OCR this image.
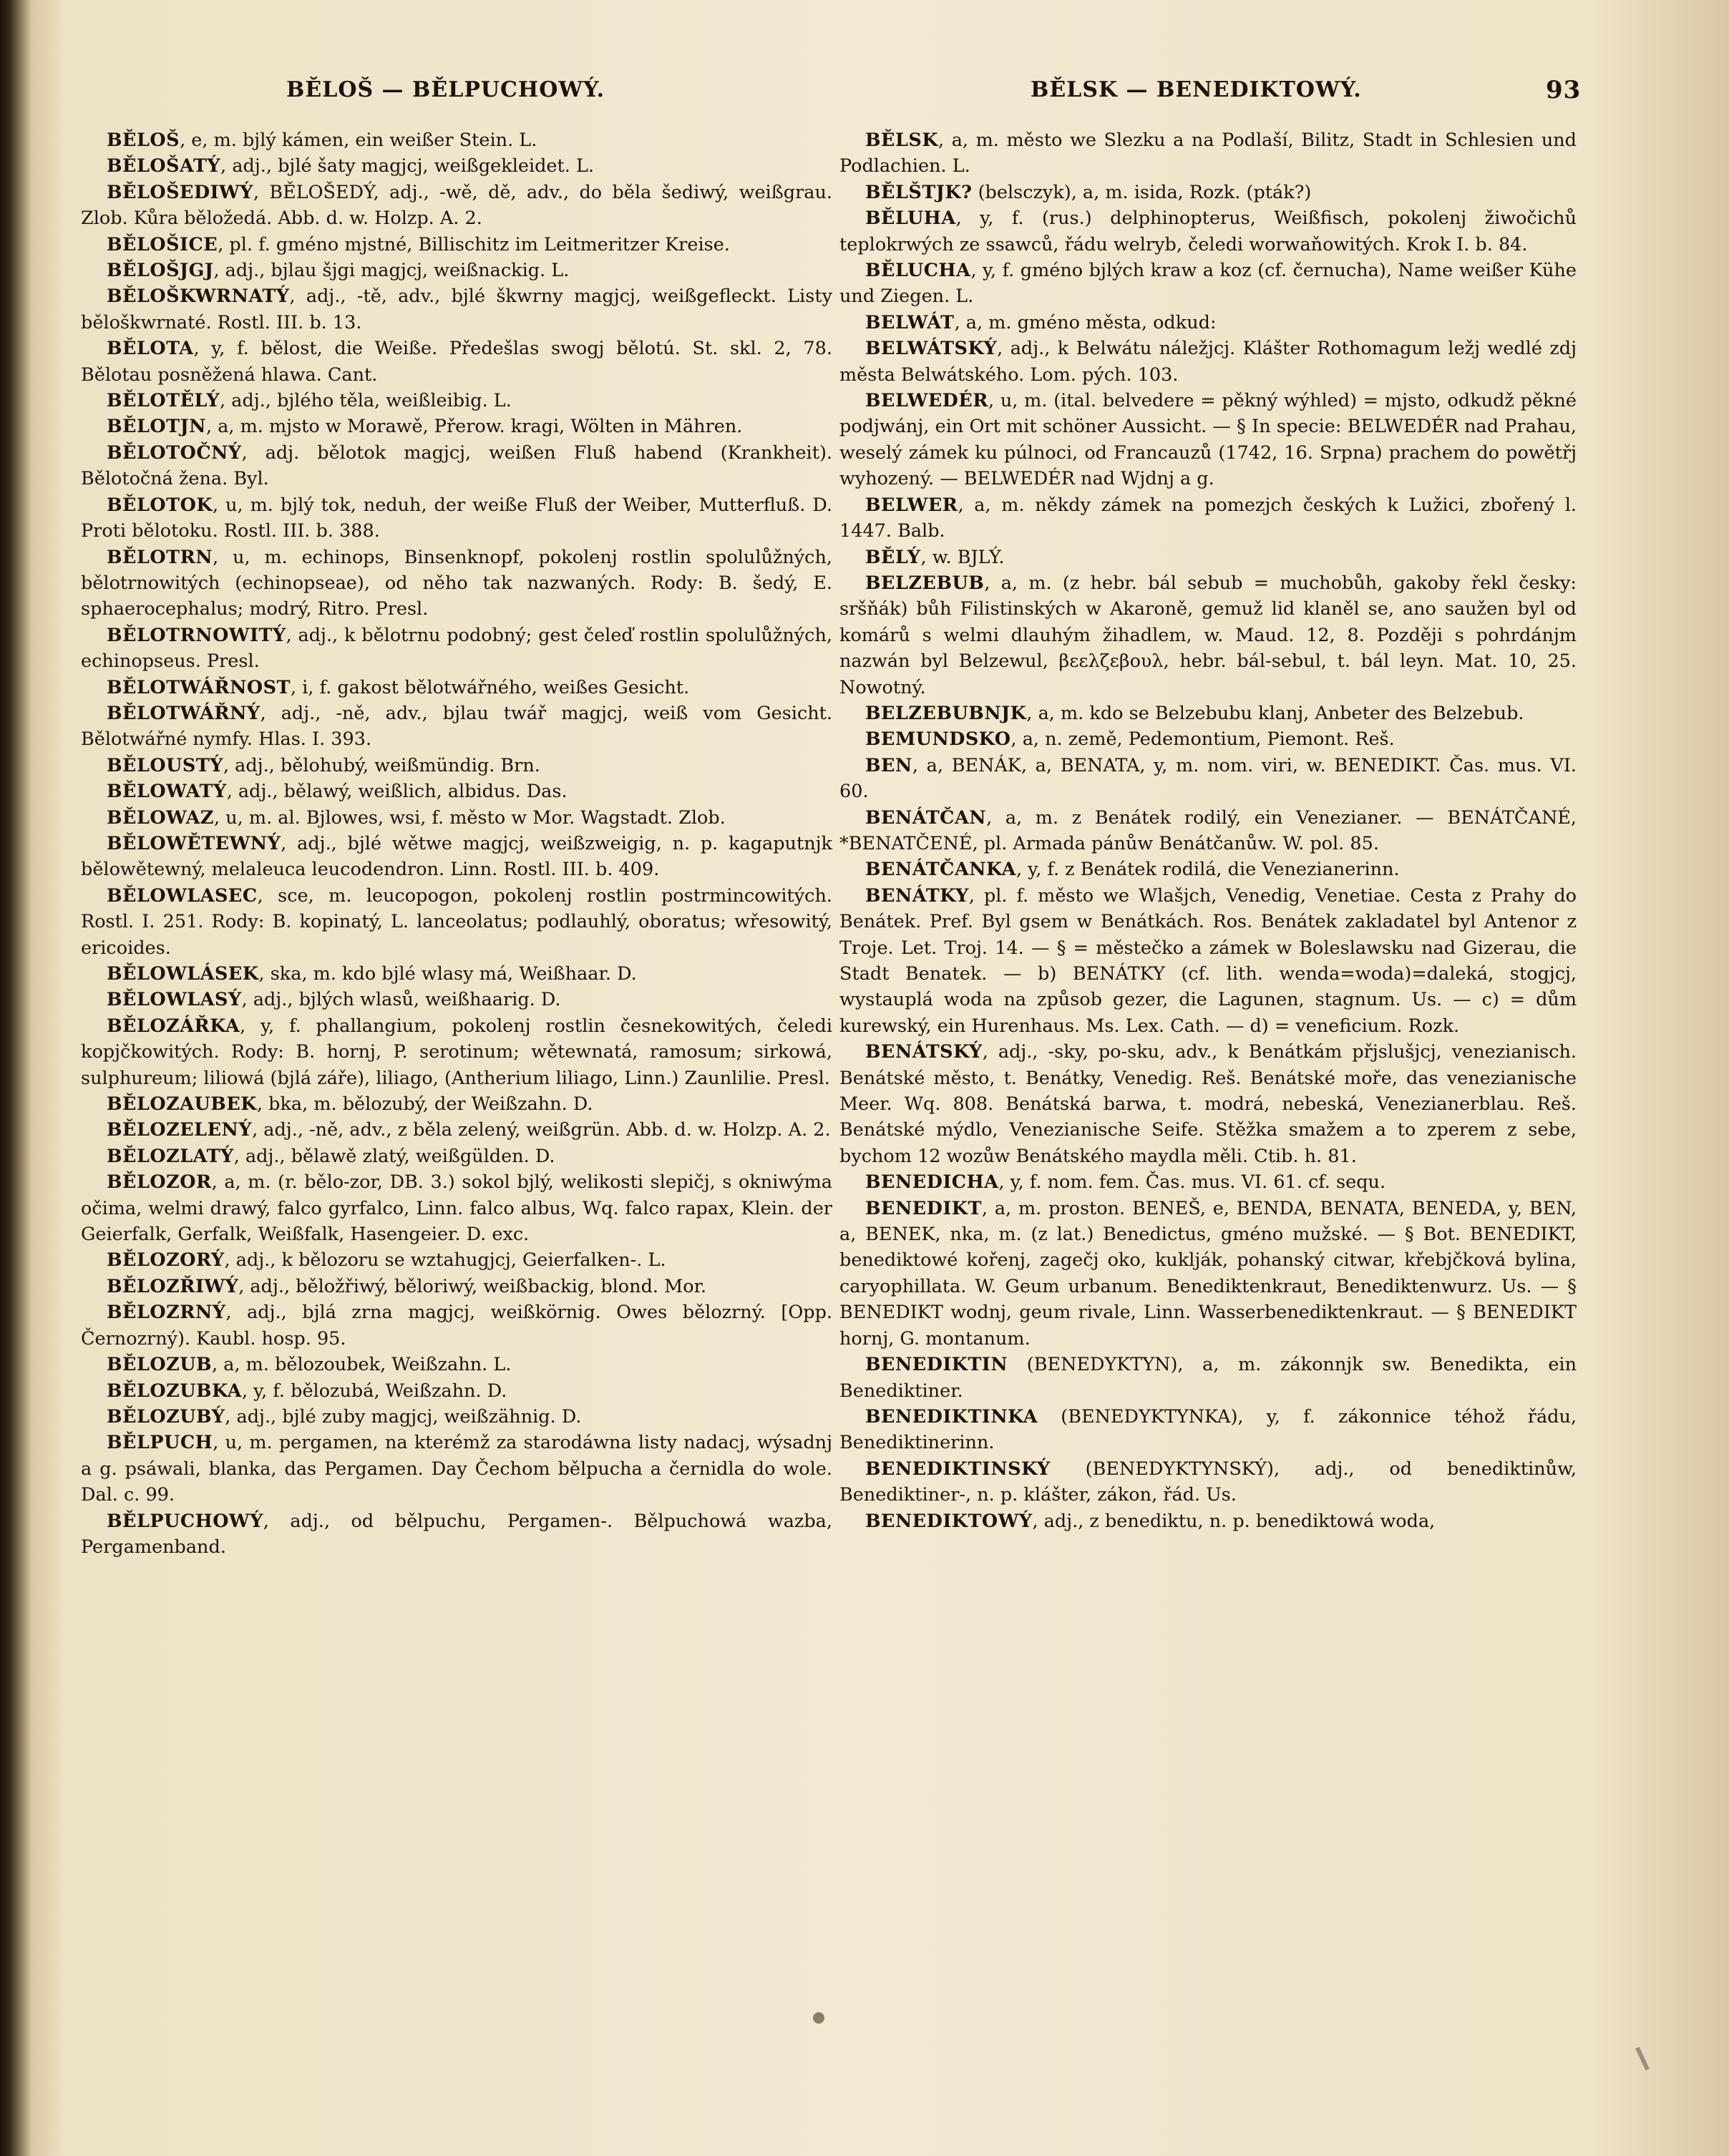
BĚLOŠ — BĚLPUCHOWÝ.	BĚLSK — BENEDIKTOWÝ.	93

BĚLOŠ, e, m. bjlý kámen, ein weißer Stein. L.

BĚLOŠATÝ, adj., bjlé šaty magjcj, weißgekleidet. L.

BĚLOŠEDIWÝ, BĚLOŠEDÝ, adj., -wě, dě, adv., do běla šediwý, weißgrau. Zlob. Kůra běložedá. Abb. d. w. Holzp. A. 2.

BĚLOŠICE, pl. f. gméno mjstné, Billischitz im Leitmeritzer Kreise.

BĚLOŠJGJ, adj., bjlau šjgi magjcj, weißnackig. L.

BĚLOŠKWRNATÝ, adj., -tě, adv., bjlé škwrny magjcj, weißgefleckt. Listy běloškwrnaté. Rostl. III. b. 13.

BĚLOTA, y, f. bělost, die Weiße. Předešlas swogj bělotú. St. skl. 2, 78. Bělotau posněžená hlawa. Cant.

BĚLOTĚLÝ, adj., bjlého těla, weißleibig. L.

BĚLOTJN, a, m. mjsto w Morawě, Přerow. kragi, Wölten in Mähren.

BĚLOTOČNÝ, adj. bělotok magjcj, weißen Fluß habend (Krankheit). Bělotočná žena. Byl.

BĚLOTOK, u, m. bjlý tok, neduh, der weiße Fluß der Weiber, Mutterfluß. D. Proti bělotoku. Rostl. III. b. 388.

BĚLOTRN, u, m. echinops, Binsenknopf, pokolenj rostlin spolulůžných, bělotrnowitých (echinopseae), od něho tak nazwaných. Rody: B. šedý, E. sphaerocephalus; modrý, Ritro. Presl.

BĚLOTRNOWITÝ, adj., k bělotrnu podobný; gest čeleď rostlin spolulůžných, echinopseus. Presl.

BĚLOTWÁŘNOST, i, f. gakost bělotwářného, weißes Gesicht.

BĚLOTWÁŘNÝ, adj., -ně, adv., bjlau twář magjcj, weiß vom Gesicht. Bělotwářné nymfy. Hlas. I. 393.

BĚLOUSTÝ, adj., bělohubý, weißmündig. Brn.

BĚLOWATÝ, adj., bělawý, weißlich, albidus. Das.

BĚLOWAZ, u, m. al. Bjlowes, wsi, f. město w Mor. Wagstadt. Zlob.

BĚLOWĚTEWNÝ, adj., bjlé wětwe magjcj, weißzweigig, n. p. kagaputnjk bělowětewný, melaleuca leucodendron. Linn. Rostl. III. b. 409.

BĚLOWLASEC, sce, m. leucopogon, pokolenj rostlin postrmincowitých. Rostl. I. 251. Rody: B. kopinatý, L. lanceolatus; podlauhlý, oboratus; wřesowitý, ericoides.

BĚLOWLÁSEK, ska, m. kdo bjlé wlasy má, Weißhaar. D.

BĚLOWLASÝ, adj., bjlých wlasů, weißhaarig. D.

BĚLOZÁŘKA, y, f. phallangium, pokolenj rostlin česnekowitých, čeledi kopjčkowitých. Rody: B. hornj, P. serotinum; wětewnatá, ramosum; sirkowá, sulphureum; liliowá (bjlá záře), liliago, (Antherium liliago, Linn.) Zaunlilie. Presl.

BĚLOZAUBEK, bka, m. bělozubý, der Weißzahn. D.

BĚLOZELENÝ, adj., -ně, adv., z běla zelený, weißgrün. Abb. d. w. Holzp. A. 2.

BĚLOZLATÝ, adj., bělawě zlatý, weißgülden. D.

BĚLOZOR, a, m. (r. bělo-zor, DB. 3.) sokol bjlý, welikosti slepičj, s okniwýma očima, welmi drawý, falco gyrfalco, Linn. falco albus, Wq. falco rapax, Klein. der Geierfalk, Gerfalk, Weißfalk, Hasengeier. D. exc.

BĚLOZORÝ, adj., k bělozoru se wztahugjcj, Geierfalken-. L.

BĚLOZŘIWÝ, adj., běložřiwý, běloriwý, weißbackig, blond. Mor.

BĚLOZRNÝ, adj., bjlá zrna magjcj, weißkörnig. Owes bělozrný. [Opp. Černozrný). Kaubl. hosp. 95.

BĚLOZUB, a, m. bělozoubek, Weißzahn. L.

BĚLOZUBKA, y, f. bělozubá, Weißzahn. D.

BĚLOZUBÝ, adj., bjlé zuby magjcj, weißzähnig. D.

BĚLPUCH, u, m. pergamen, na kterémž za starodáwna listy nadacj, wýsadnj a g. psáwali, blanka, das Pergamen. Day Čechom bělpucha a černidla do wole. Dal. c. 99.

BĚLPUCHOWÝ, adj., od bělpuchu, Pergamen-. Bělpuchowá wazba, Pergamenband.

BĚLSK, a, m. město we Slezku a na Podlaší, Bilitz, Stadt in Schlesien und Podlachien. L.

BĚLŠTJK? (belsczyk), a, m. isida, Rozk. (pták?)

BĚLUHA, y, f. (rus.) delphinopterus, Weißfisch, pokolenj žiwočichů teplokrwých ze ssawců, řádu welryb, čeledi worwaňowitých. Krok I. b. 84.

BĚLUCHA, y, f. gméno bjlých kraw a koz (cf. černucha), Name weißer Kühe und Ziegen. L.

BELWÁT, a, m. gméno města, odkud:

BELWÁTSKÝ, adj., k Belwátu náležjcj. Klášter Rothomagum ležj wedlé zdj města Belwátského. Lom. pých. 103.

BELWEDÉR, u, m. (ital. belvedere = pěkný wýhled) = mjsto, odkudž pěkné podjwánj, ein Ort mit schöner Aussicht. — § In specie: BELWEDÉR nad Prahau, weselý zámek ku púlnoci, od Francauzů (1742, 16. Srpna) prachem do powětřj wyhozený. — BELWEDÉR nad Wjdnj a g.

BELWER, a, m. někdy zámek na pomezjch českých k Lužici, zbořený l. 1447. Balb.

BĚLÝ, w. BJLÝ.

BELZEBUB, a, m. (z hebr. bál sebub = muchobůh, gakoby řekl česky: sršňák) bůh Filistinských w Akaroně, gemuž lid klaněl se, ano saužen byl od komárů s welmi dlauhým žihadlem, w. Maud. 12, 8. Později s pohrdánjm nazwán byl Belzewul, βεελζεβουλ, hebr. bál-sebul, t. bál leyn. Mat. 10, 25. Nowotný.

BELZEBUBNJK, a, m. kdo se Belzebubu klanj, Anbeter des Belzebub.

BEMUNDSKO, a, n. země, Pedemontium, Piemont. Reš.

BEN, a, BENÁK, a, BENATA, y, m. nom. viri, w. BENEDIKT. Čas. mus. VI. 60.

BENÁTČAN, a, m. z Benátek rodilý, ein Venezianer. — BENÁTČANÉ, *BENATČENÉ, pl. Armada pánůw Benátčanůw. W. pol. 85.

BENÁTČANKA, y, f. z Benátek rodilá, die Venezianerinn.

BENÁTKY, pl. f. město we Wlašjch, Venedig, Venetiae. Cesta z Prahy do Benátek. Pref. Byl gsem w Benátkách. Ros. Benátek zakladatel byl Antenor z Troje. Let. Troj. 14. — § = městečko a zámek w Boleslawsku nad Gizerau, die Stadt Benatek. — b) BENÁTKY (cf. lith. wenda=woda)=daleká, stogjcj, wystauplá woda na způsob gezer, die Lagunen, stagnum. Us. — c) = dům kurewský, ein Hurenhaus. Ms. Lex. Cath. — d) = veneficium. Rozk.

BENÁTSKÝ, adj., -sky, po-sku, adv., k Benátkám přjslušjcj, venezianisch. Benátské město, t. Benátky, Venedig. Reš. Benátské moře, das venezianische Meer. Wq. 808. Benátská barwa, t. modrá, nebeská, Venezianerblau. Reš. Benátské mýdlo, Venezianische Seife. Stěžka smažem a to zperem z sebe, bychom 12 wozůw Benátského maydla měli. Ctib. h. 81.

BENEDICHA, y, f. nom. fem. Čas. mus. VI. 61. cf. sequ.

BENEDIKT, a, m. proston. BENEŠ, e, BENDA, BENATA, BENEDA, y, BEN, a, BENEK, nka, m. (z lat.) Benedictus, gméno mužské. — § Bot. BENEDIKT, benediktowé kořenj, zagečj oko, kuklják, pohanský citwar, křebjčková bylina, caryophillata. W. Geum urbanum. Benediktenkraut, Benediktenwurz. Us. — § BENEDIKT wodnj, geum rivale, Linn. Wasserbenediktenkraut. — § BENEDIKT hornj, G. montanum.

BENEDIKTIN (BENEDYKTYN), a, m. zákonnjk sw. Benedikta, ein Benediktiner.

BENEDIKTINKA (BENEDYKTYNKA), y, f. zákonnice téhož řádu, Benediktinerinn.

BENEDIKTINSKÝ (BENEDYKTYNSKÝ), adj., od benediktinůw, Benediktiner-, n. p. klášter, zákon, řád. Us.

BENEDIKTOWÝ, adj., z benediktu, n. p. benediktowá woda,
